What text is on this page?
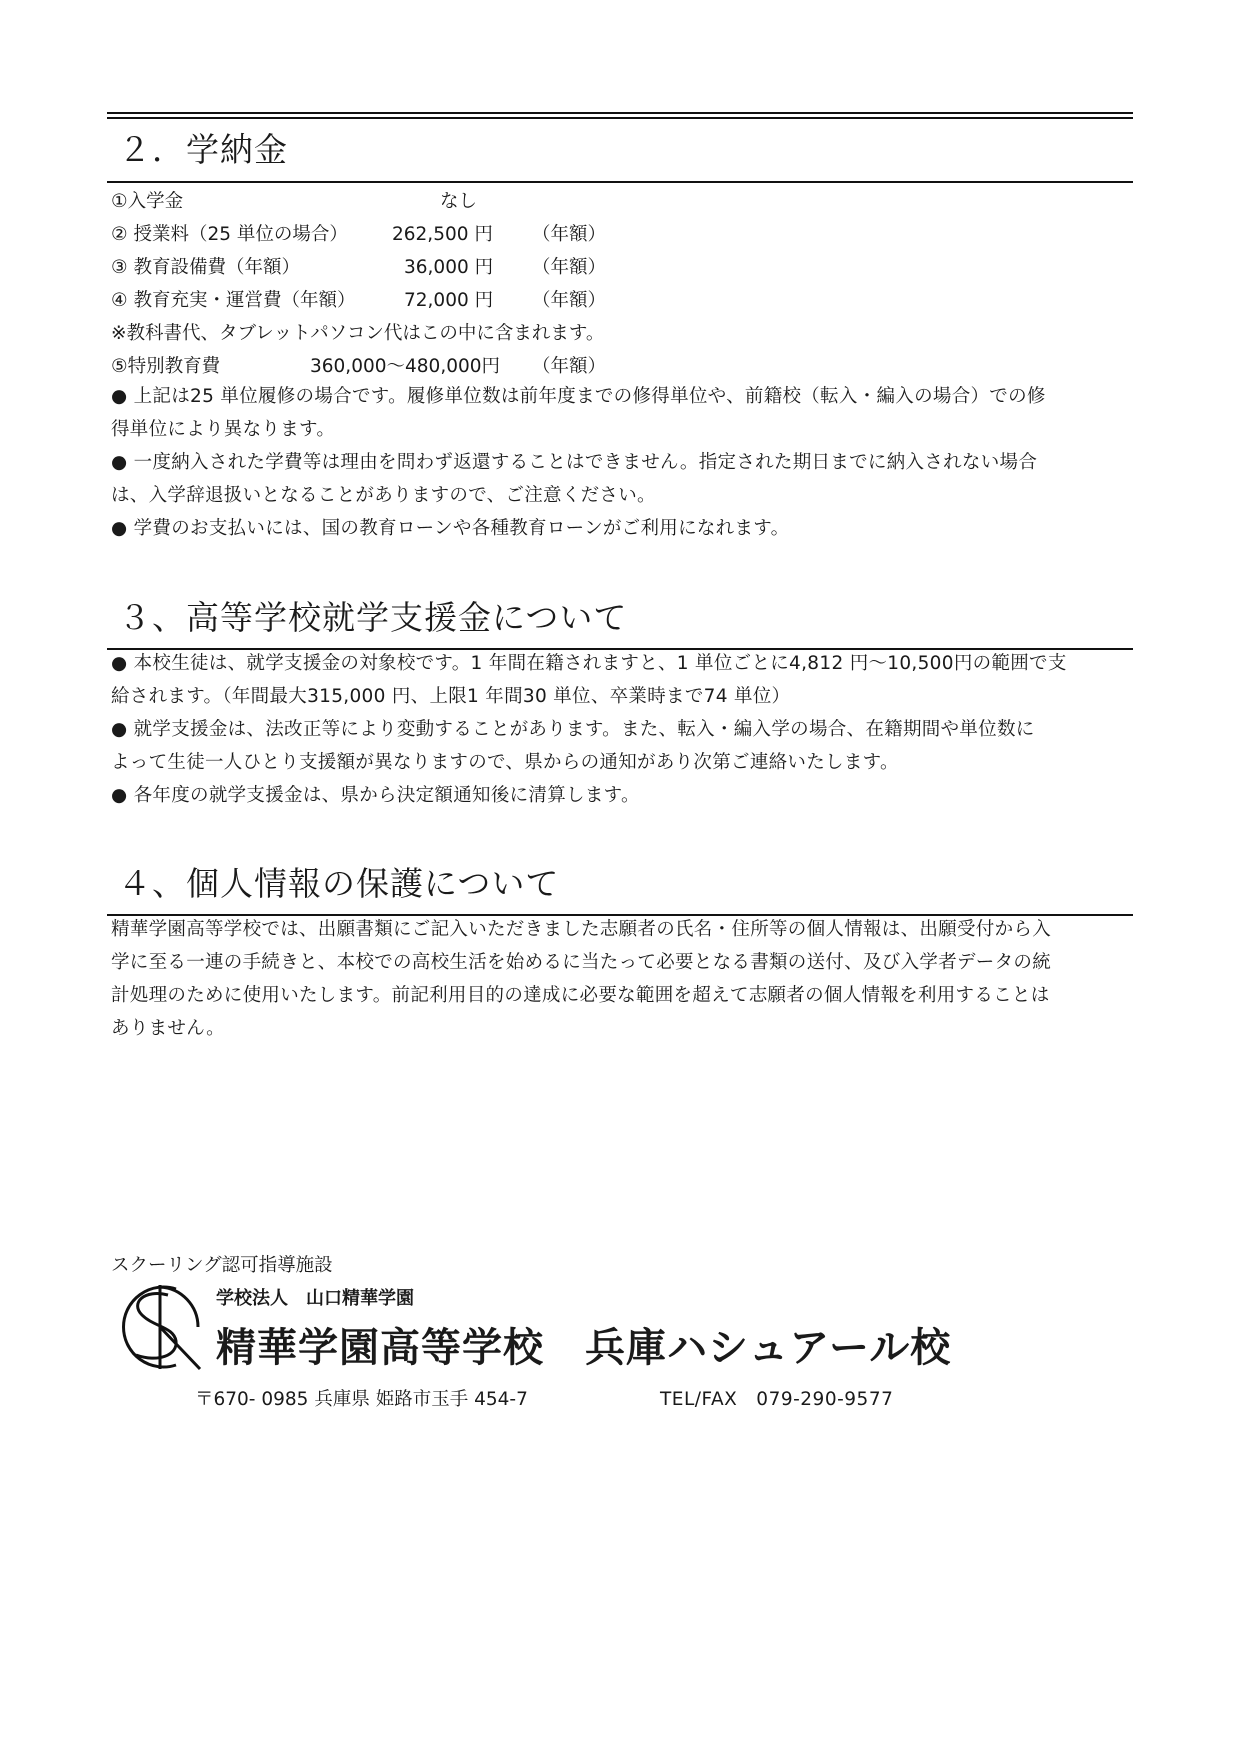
２．学納金
①入学金	なし
② 授業料（25 単位の場合） 262,500 円 （年額）
③ 教育設備費（年額）	36,000 円 （年額）
④ 教育充実・運営費（年額）	72,000 円 （年額）
※教科書代、タブレットパソコン代はこの中に含まれます。
⑤特別教育費	360,000～480,000円 （年額）
● 上記は25 単位履修の場合です。履修単位数は前年度までの修得単位や、前籍校（転入・編入の場合）での修
得単位により異なります。
● 一度納入された学費等は理由を問わず返還することはできません。指定された期日までに納入されない場合
は、入学辞退扱いとなることがありますので、ご注意ください。
● 学費のお支払いには、国の教育ローンや各種教育ローンがご利用になれます。
３、高等学校就学支援金について
● 本校生徒は、就学支援金の対象校です。1 年間在籍されますと、1 単位ごとに4,812 円～10,500円の範囲で支
給されます。（年間最大315,000 円、上限1 年間30 単位、卒業時まで74 単位）
● 就学支援金は、法改正等により変動することがあります。また、転入・編入学の場合、在籍期間や単位数に
よって生徒一人ひとり支援額が異なりますので、県からの通知があり次第ご連絡いたします。
● 各年度の就学支援金は、県から決定額通知後に清算します。
４、個人情報の保護について
精華学園高等学校では、出願書類にご記入いただきました志願者の氏名・住所等の個人情報は、出願受付から入
学に至る一連の手続きと、本校での高校生活を始めるに当たって必要となる書類の送付、及び入学者データの統
計処理のために使用いたします。前記利用目的の達成に必要な範囲を超えて志願者の個人情報を利用することは
ありません。
スクーリング認可指導施設
学校法人　山口精華学園
精華学園高等学校　兵庫ハシュアール校
〒670- 0985 兵庫県 姫路市玉手 454-7	TEL/FAX　079-290-9577
